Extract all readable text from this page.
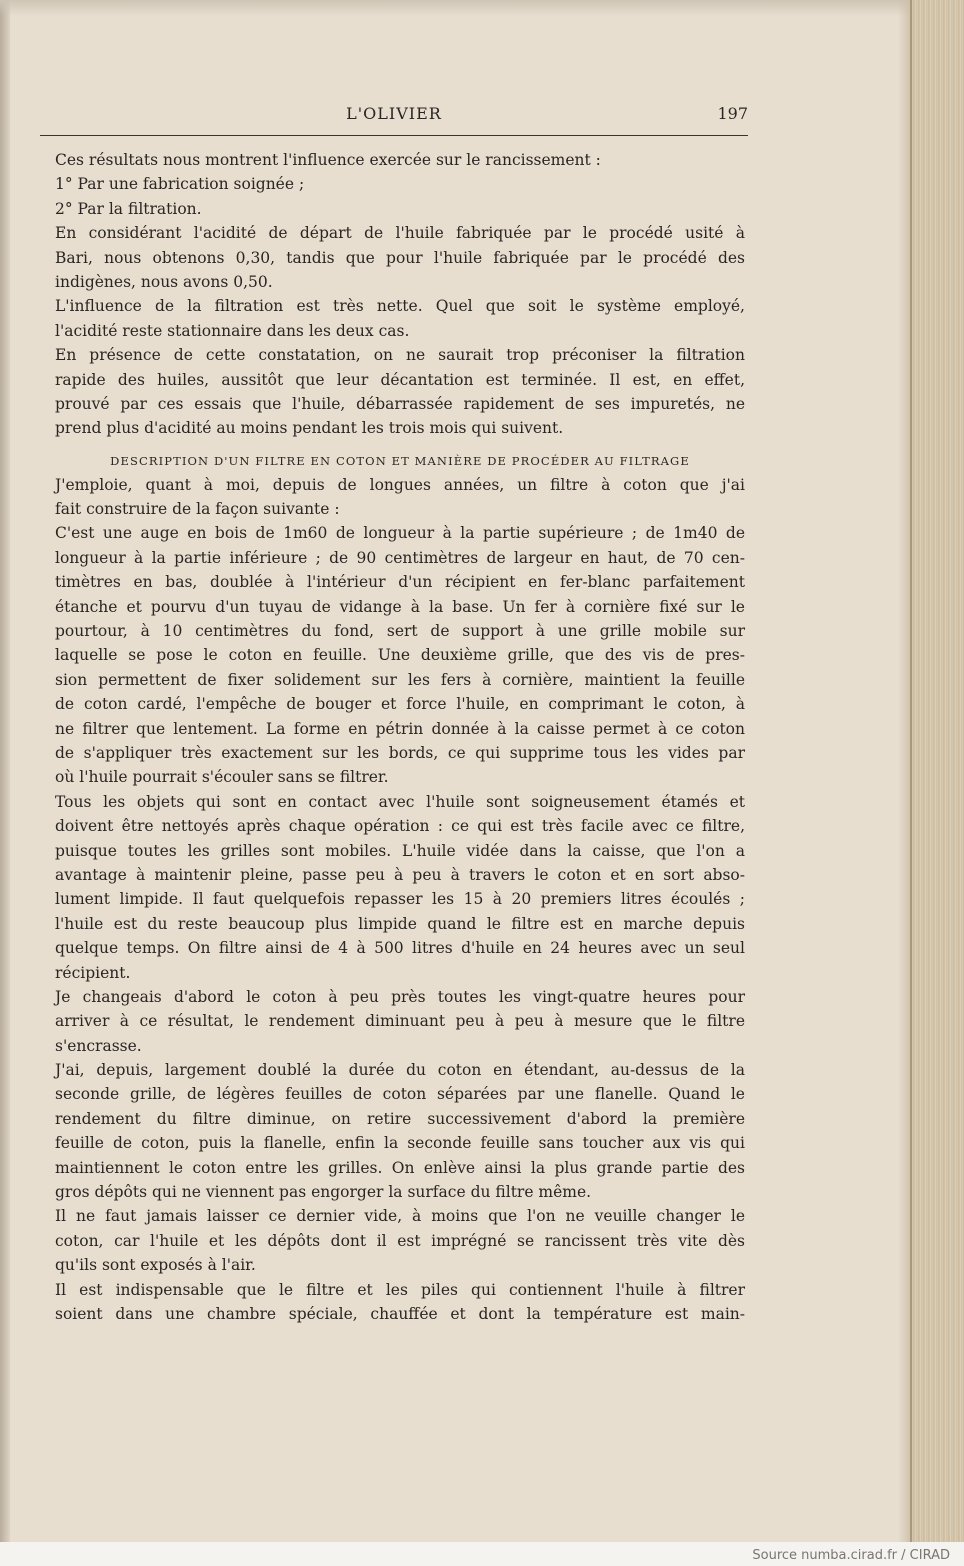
L'OLIVIER	197
Ces résultats nous montrent l'influence exercée sur le rancissement :
1° Par une fabrication soignée ;
2° Par la filtration.
En considérant l'acidité de départ de l'huile fabriquée par le procédé usité à
Bari, nous obtenons 0,30, tandis que pour l'huile fabriquée par le procédé des
indigènes, nous avons 0,50.
L'influence de la filtration est très nette. Quel que soit le système employé,
l'acidité reste stationnaire dans les deux cas.
En présence de cette constatation, on ne saurait trop préconiser la filtration
rapide des huiles, aussitôt que leur décantation est terminée. Il est, en effet,
prouvé par ces essais que l'huile, débarrassée rapidement de ses impuretés, ne
prend plus d'acidité au moins pendant les trois mois qui suivent.
DESCRIPTION D'UN FILTRE EN COTON ET MANIÈRE DE PROCÉDER AU FILTRAGE
J'emploie, quant à moi, depuis de longues années, un filtre à coton que j'ai
fait construire de la façon suivante :
C'est une auge en bois de 1m60 de longueur à la partie supérieure ; de 1m40 de
longueur à la partie inférieure ; de 90 centimètres de largeur en haut, de 70 cen-
timètres en bas, doublée à l'intérieur d'un récipient en fer-blanc parfaitement
étanche et pourvu d'un tuyau de vidange à la base. Un fer à cornière fixé sur le
pourtour, à 10 centimètres du fond, sert de support à une grille mobile sur
laquelle se pose le coton en feuille. Une deuxième grille, que des vis de pres-
sion permettent de fixer solidement sur les fers à cornière, maintient la feuille
de coton cardé, l'empêche de bouger et force l'huile, en comprimant le coton, à
ne filtrer que lentement. La forme en pétrin donnée à la caisse permet à ce coton
de s'appliquer très exactement sur les bords, ce qui supprime tous les vides par
où l'huile pourrait s'écouler sans se filtrer.
Tous les objets qui sont en contact avec l'huile sont soigneusement étamés et
doivent être nettoyés après chaque opération : ce qui est très facile avec ce filtre,
puisque toutes les grilles sont mobiles. L'huile vidée dans la caisse, que l'on a
avantage à maintenir pleine, passe peu à peu à travers le coton et en sort abso-
lument limpide. Il faut quelquefois repasser les 15 à 20 premiers litres écoulés ;
l'huile est du reste beaucoup plus limpide quand le filtre est en marche depuis
quelque temps. On filtre ainsi de 4 à 500 litres d'huile en 24 heures avec un seul
récipient.
Je changeais d'abord le coton à peu près toutes les vingt-quatre heures pour
arriver à ce résultat, le rendement diminuant peu à peu à mesure que le filtre
s'encrasse.
J'ai, depuis, largement doublé la durée du coton en étendant, au-dessus de la
seconde grille, de légères feuilles de coton séparées par une flanelle. Quand le
rendement du filtre diminue, on retire successivement d'abord la première
feuille de coton, puis la flanelle, enfin la seconde feuille sans toucher aux vis qui
maintiennent le coton entre les grilles. On enlève ainsi la plus grande partie des
gros dépôts qui ne viennent pas engorger la surface du filtre même.
Il ne faut jamais laisser ce dernier vide, à moins que l'on ne veuille changer le
coton, car l'huile et les dépôts dont il est imprégné se rancissent très vite dès
qu'ils sont exposés à l'air.
Il est indispensable que le filtre et les piles qui contiennent l'huile à filtrer
soient dans une chambre spéciale, chauffée et dont la température est main-
Source numba.cirad.fr / CIRAD
